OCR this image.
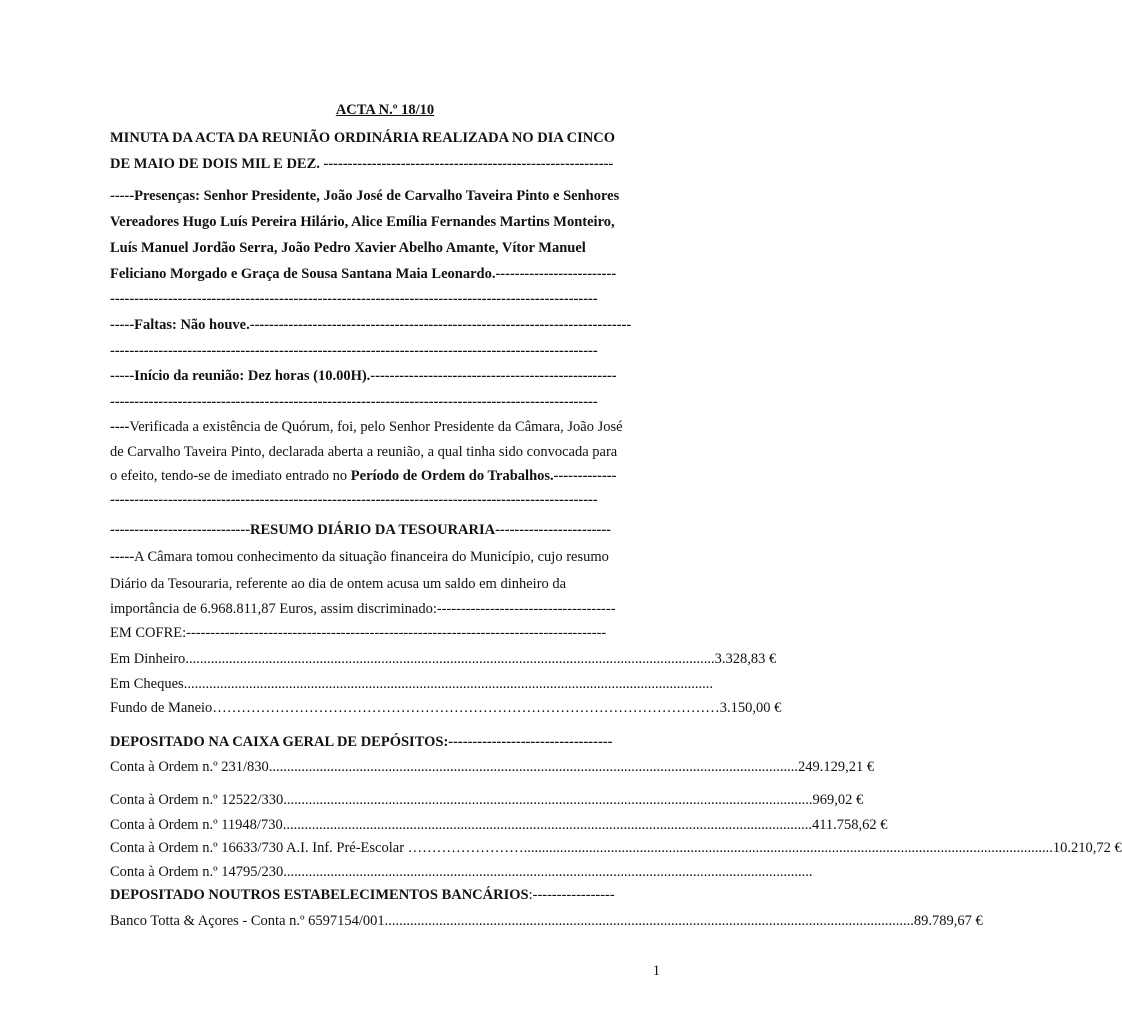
ACTA N.º 18/10
MINUTA DA ACTA DA REUNIÃO ORDINÁRIA REALIZADA NO DIA CINCO
DE MAIO DE DOIS MIL E DEZ. ------------------------------------------------------------
-----Presenças: Senhor Presidente, João José de Carvalho Taveira Pinto e Senhores
Vereadores Hugo Luís Pereira Hilário, Alice Emília Fernandes Martins Monteiro,
Luís Manuel Jordão Serra, João Pedro Xavier Abelho Amante, Vítor Manuel
Feliciano Morgado e Graça de Sousa Santana Maia Leonardo.-------------------------
-----------------------------------------------------------------------------------------------------
-----Faltas: Não houve.-------------------------------------------------------------------------------
-----------------------------------------------------------------------------------------------------
-----Início da reunião: Dez horas (10.00H).---------------------------------------------------
-----------------------------------------------------------------------------------------------------
----Verificada a existência de Quórum, foi, pelo Senhor Presidente da Câmara, João José
de Carvalho Taveira Pinto, declarada aberta a reunião, a qual tinha sido convocada para
o efeito, tendo-se de imediato entrado no Período de Ordem do Trabalhos.-------------
-----------------------------------------------------------------------------------------------------
-----------------------------RESUMO DIÁRIO DA TESOURARIA------------------------
-----A Câmara tomou conhecimento da situação financeira do Município, cujo resumo
Diário da Tesouraria, referente ao dia de ontem acusa um saldo em dinheiro da
importância de 6.968.811,87 Euros, assim discriminado:-------------------------------------
EM COFRE:---------------------------------------------------------------------------------------
Em Dinheiro .................................................................................................................................................. 3.328,83 €
Em Cheques ..................................................................................................................................................
Fundo de Maneio …………………………………………………………………………………………… 3.150,00 €
DEPOSITADO NA CAIXA GERAL DE DEPÓSITOS:----------------------------------
Conta à Ordem n.º 231/830 .................................................................................................................................................. 249.129,21 €
Conta à Ordem n.º 12522/330 .................................................................................................................................................. 969,02 €
Conta à Ordem n.º 11948/730 .................................................................................................................................................. 411.758,62 €
Conta à Ordem n.º 16633/730 A.I. Inf. Pré-Escolar …………………… .................................................................................................................................................. 10.210,72 €
Conta à Ordem n.º 14795/230 ..................................................................................................................................................
DEPOSITADO NOUTROS ESTABELECIMENTOS BANCÁRIOS:-----------------
Banco Totta & Açores - Conta n.º 6597154/001 .................................................................................................................................................. 89.789,67 €
1
